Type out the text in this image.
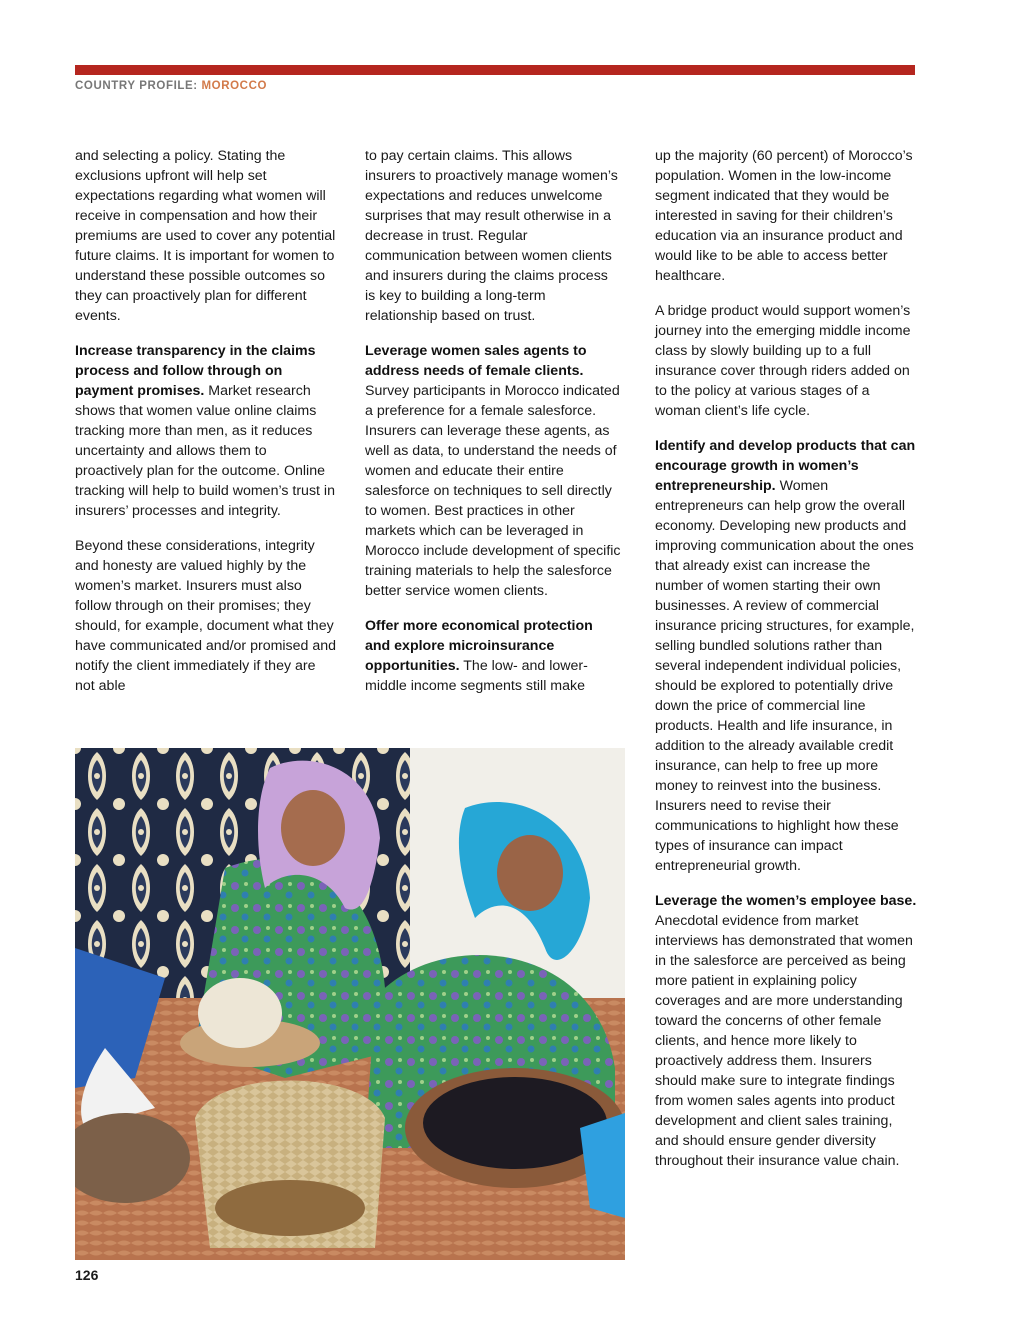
COUNTRY PROFILE: MOROCCO

and selecting a policy. Stating the exclusions upfront will help set expectations regarding what women will receive in compensation and how their premiums are used to cover any potential future claims. It is important for women to understand these possible outcomes so they can proactively plan for different events.

Increase transparency in the claims process and follow through on payment promises. Market research shows that women value online claims tracking more than men, as it reduces uncertainty and allows them to proactively plan for the outcome. Online tracking will help to build women’s trust in insurers’ processes and integrity.

Beyond these considerations, integrity and honesty are valued highly by the women’s market. Insurers must also follow through on their promises; they should, for example, document what they have communicated and/or promised and notify the client immediately if they are not able

to pay certain claims. This allows insurers to proactively manage women’s expectations and reduces unwelcome surprises that may result otherwise in a decrease in trust. Regular communication between women clients and insurers during the claims process is key to building a long-term relationship based on trust.

Leverage women sales agents to address needs of female clients. Survey participants in Morocco indicated a preference for a female salesforce. Insurers can leverage these agents, as well as data, to understand the needs of women and educate their entire salesforce on techniques to sell directly to women. Best practices in other markets which can be leveraged in Morocco include development of specific training materials to help the salesforce better service women clients.

Offer more economical protection and explore microinsurance opportunities. The low- and lower-middle income segments still make

up the majority (60 percent) of Morocco’s population. Women in the low-income segment indicated that they would be interested in saving for their children’s education via an insurance product and would like to be able to access better healthcare.

A bridge product would support women’s journey into the emerging middle income class by slowly building up to a full insurance cover through riders added on to the policy at various stages of a woman client’s life cycle.

Identify and develop products that can encourage growth in women’s entrepreneurship. Women entrepreneurs can help grow the overall economy. Developing new products and improving communication about the ones that already exist can increase the number of women starting their own businesses. A review of commercial insurance pricing structures, for example, selling bundled solutions rather than several independent individual policies, should be explored to potentially drive down the price of commercial line products. Health and life insurance, in addition to the already available credit insurance, can help to free up more money to reinvest into the business. Insurers need to revise their communications to highlight how these types of insurance can impact entrepreneurial growth.

Leverage the women’s employee base. Anecdotal evidence from market interviews has demonstrated that women in the salesforce are perceived as being more patient in explaining policy coverages and are more understanding toward the concerns of other female clients, and hence more likely to proactively address them. Insurers should make sure to integrate findings from women sales agents into product development and client sales training, and should ensure gender diversity throughout their insurance value chain.

126
